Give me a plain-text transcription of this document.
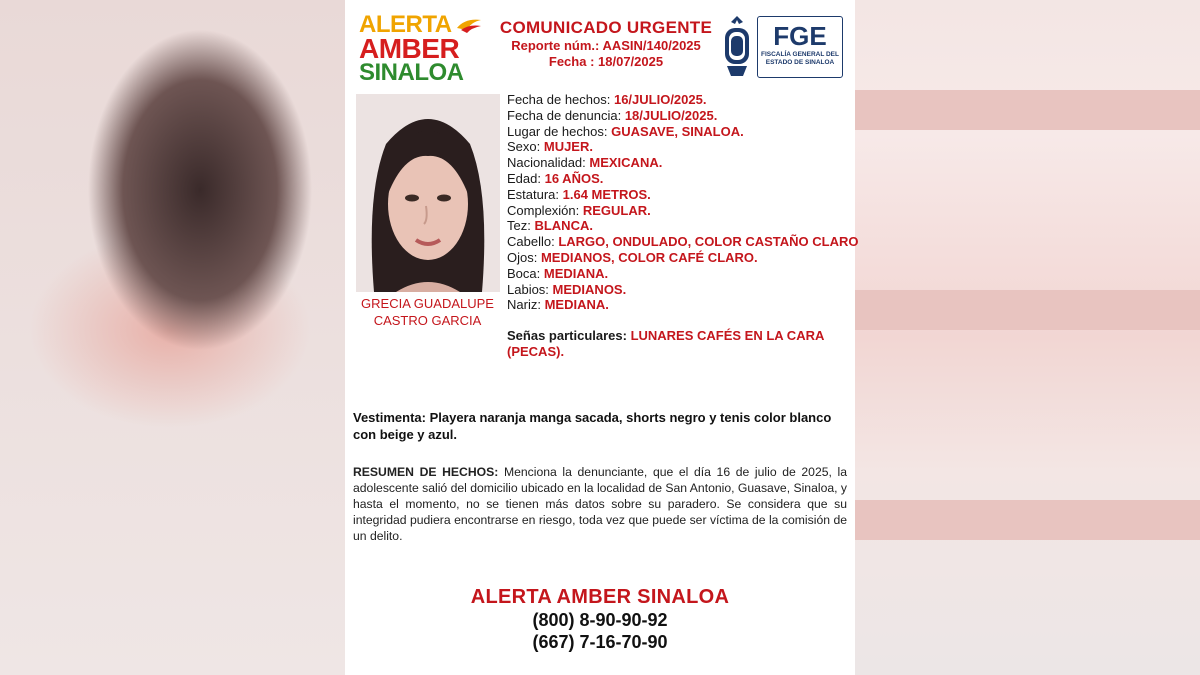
ALERTA
AMBER
SINALOA
COMUNICADO URGENTE
Reporte núm.: AASIN/140/2025
Fecha : 18/07/2025
FGE
FISCALÍA GENERAL DEL
ESTADO DE SINALOA
GRECIA GUADALUPE
CASTRO GARCIA
Fecha de hechos: 16/JULIO/2025.
Fecha de denuncia: 18/JULIO/2025.
Lugar de hechos: GUASAVE, SINALOA.
Sexo: MUJER.
Nacionalidad: MEXICANA.
Edad: 16 AÑOS.
Estatura: 1.64 METROS.
Complexión: REGULAR.
Tez: BLANCA.
Cabello: LARGO, ONDULADO, COLOR CASTAÑO CLARO
Ojos: MEDIANOS, COLOR CAFÉ CLARO.
Boca: MEDIANA.
Labios: MEDIANOS.
Nariz: MEDIANA.
Señas particulares: LUNARES CAFÉS EN LA CARA (PECAS).
Vestimenta: Playera naranja manga sacada, shorts negro y tenis color blanco con beige y azul.
RESUMEN DE HECHOS: Menciona la denunciante, que el día 16 de julio de 2025, la adolescente salió del domicilio ubicado en la localidad de San Antonio, Guasave, Sinaloa, y hasta el momento, no se tienen más datos sobre su paradero. Se considera que su integridad pudiera encontrarse en riesgo, toda vez que puede ser víctima de la comisión de un delito.
ALERTA AMBER SINALOA
(800) 8-90-90-92
(667) 7-16-70-90
